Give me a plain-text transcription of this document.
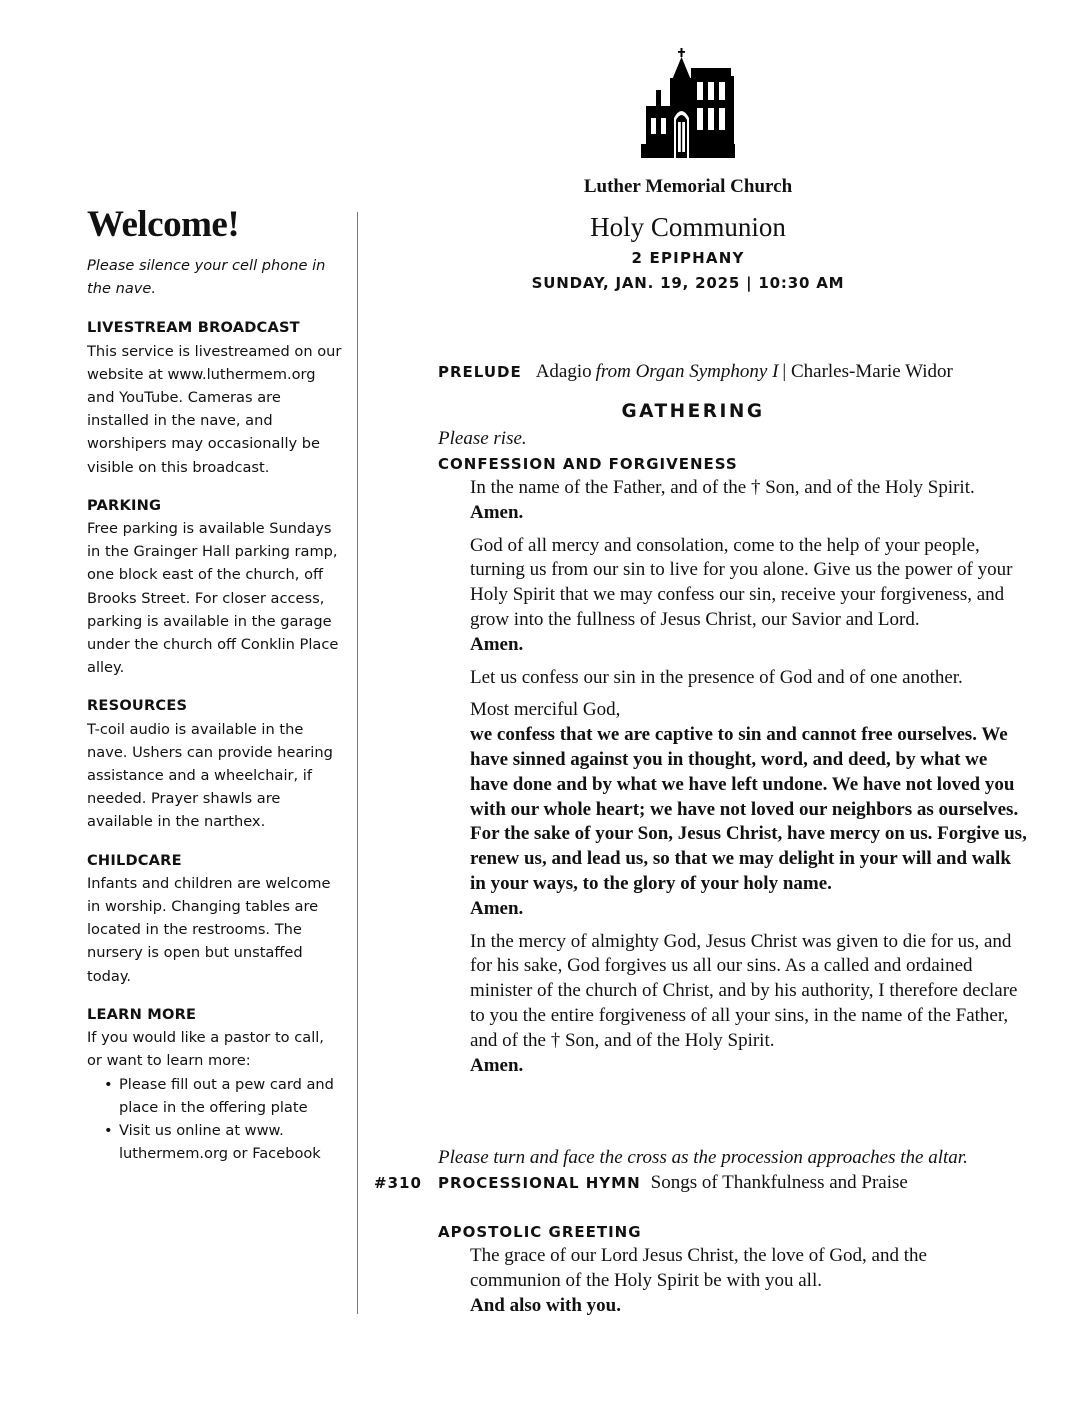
Luther Memorial Church
Holy Communion
2 EPIPHANY
SUNDAY, JAN. 19, 2025 | 10:30 AM
Welcome!

Please silence your cell phone in the nave.

LIVESTREAM BROADCAST

This service is livestreamed on our website at www.luthermem.org and YouTube. Cameras are installed in the nave, and worshipers may occasionally be visible on this broadcast.

PARKING

Free parking is available Sundays in the Grainger Hall parking ramp, one block east of the church, off Brooks Street. For closer access, parking is available in the garage under the church off Conklin Place alley.

RESOURCES

T-coil audio is available in the nave. Ushers can provide hearing assistance and a wheelchair, if needed. Prayer shawls are available in the narthex.

CHILDCARE

Infants and children are welcome in worship. Changing tables are located in the restrooms. The nursery is open but unstaffed today.

LEARN MORE

If you would like a pastor to call, or want to learn more:

• Please fill out a pew card and place in the offering plate
• Visit us online at www. luthermem.org or Facebook
PRELUDE Adagio from Organ Symphony I | Charles-Marie Widor
GATHERING
Please rise.
CONFESSION AND FORGIVENESS

In the name of the Father, and of the † Son, and of the Holy Spirit.
Amen.

God of all mercy and consolation, come to the help of your people, turning us from our sin to live for you alone. Give us the power of your Holy Spirit that we may confess our sin, receive your forgiveness, and grow into the fullness of Jesus Christ, our Savior and Lord.
Amen.

Let us confess our sin in the presence of God and of one another.

Most merciful God,
we confess that we are captive to sin and cannot free ourselves. We have sinned against you in thought, word, and deed, by what we have done and by what we have left undone. We have not loved you with our whole heart; we have not loved our neighbors as ourselves. For the sake of your Son, Jesus Christ, have mercy on us. Forgive us, renew us, and lead us, so that we may delight in your will and walk in your ways, to the glory of your holy name.
Amen.

In the mercy of almighty God, Jesus Christ was given to die for us, and for his sake, God forgives us all our sins. As a called and ordained minister of the church of Christ, and by his authority, I therefore declare to you the entire forgiveness of all your sins, in the name of the Father, and of the † Son, and of the Holy Spirit.
Amen.

Please turn and face the cross as the procession approaches the altar.
#310 PROCESSIONAL HYMN Songs of Thankfulness and Praise
APOSTOLIC GREETING

The grace of our Lord Jesus Christ, the love of God, and the communion of the Holy Spirit be with you all.

And also with you.
